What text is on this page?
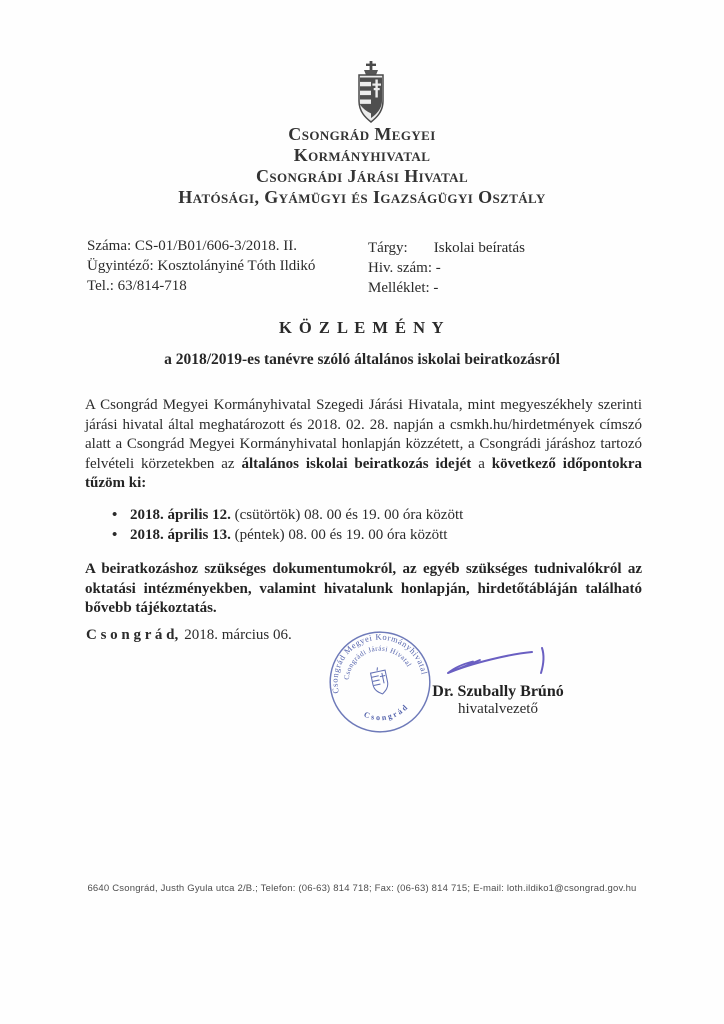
Csongrád Megyei
Kormányhivatal
Csongrádi Járási Hivatal
Hatósági, Gyámügyi és Igazságügyi Osztály
Száma: CS-01/B01/606-3/2018. II.
Ügyintéző: Kosztolányiné Tóth Ildikó
Tel.: 63/814-718
Tárgy: Iskolai beíratás
Hiv. szám: -
Melléklet: -
K Ö Z L E M É N Y
a 2018/2019-es tanévre szóló általános iskolai beiratkozásról

A Csongrád Megyei Kormányhivatal Szegedi Járási Hivatala, mint megyeszékhely szerinti járási hivatal által meghatározott és 2018. 02. 28. napján a csmkh.hu/hirdetmények címszó alatt a Csongrád Megyei Kormányhivatal honlapján közzétett, a Csongrádi járáshoz tartozó felvételi körzetekben az általános iskolai beiratkozás idejét a következő időpontokra tűzöm ki:

• 2018. április 12. (csütörtök) 08. 00 és 19. 00 óra között
• 2018. április 13. (péntek) 08. 00 és 19. 00 óra között

A beiratkozáshoz szükséges dokumentumokról, az egyéb szükséges tudnivalókról az oktatási intézményekben, valamint hivatalunk honlapján, hirdetőtábláján található bővebb tájékoztatás.

C s o n g r á d, 2018. március 06.
Csongrád Megyei Kormányhivatal
Csongrádi Járási Hivatal
Csongrád
Dr. Szubally Brúnó
hivatalvezető
6640 Csongrád, Justh Gyula utca 2/B.; Telefon: (06-63) 814 718; Fax: (06-63) 814 715; E-mail: loth.ildiko1@csongrad.gov.hu
